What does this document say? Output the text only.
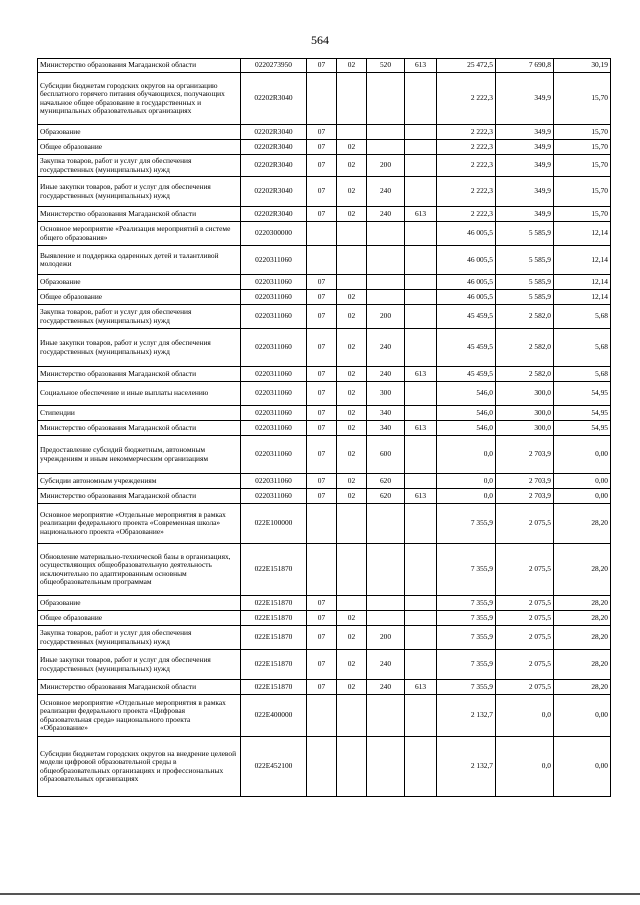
564
Министерство образования Магаданской области	0220273950	07	02	520	613	25 472,5	7 690,8	30,19
Субсидии бюджетам городских округов на организацию бесплатного горячего питания обучающихся, получающих начальное общее образование в государственных и муниципальных образовательных организациях	02202R3040					2 222,3	349,9	15,70
Образование	02202R3040	07				2 222,3	349,9	15,70
Общее образование	02202R3040	07	02			2 222,3	349,9	15,70
Закупка товаров, работ и услуг для обеспечения государственных (муниципальных) нужд	02202R3040	07	02	200		2 222,3	349,9	15,70
Иные закупки товаров, работ и услуг для обеспечения государственных (муниципальных) нужд	02202R3040	07	02	240		2 222,3	349,9	15,70
Министерство образования Магаданской области	02202R3040	07	02	240	613	2 222,3	349,9	15,70
Основное мероприятие «Реализация мероприятий в системе общего образования»	0220300000					46 005,5	5 585,9	12,14
Выявление и поддержка одаренных детей и талантливой молодежи	0220311060					46 005,5	5 585,9	12,14
Образование	0220311060	07				46 005,5	5 585,9	12,14
Общее образование	0220311060	07	02			46 005,5	5 585,9	12,14
Закупка товаров, работ и услуг для обеспечения государственных (муниципальных) нужд	0220311060	07	02	200		45 459,5	2 582,0	5,68
Иные закупки товаров, работ и услуг для обеспечения государственных (муниципальных) нужд	0220311060	07	02	240		45 459,5	2 582,0	5,68
Министерство образования Магаданской области	0220311060	07	02	240	613	45 459,5	2 582,0	5,68
Социальное обеспечение и иные выплаты населению	0220311060	07	02	300		546,0	300,0	54,95
Стипендии	0220311060	07	02	340		546,0	300,0	54,95
Министерство образования Магаданской области	0220311060	07	02	340	613	546,0	300,0	54,95
Предоставление субсидий бюджетным, автономным учреждениям и иным некоммерческим организациям	0220311060	07	02	600		0,0	2 703,9	0,00
Субсидии автономным учреждениям	0220311060	07	02	620		0,0	2 703,9	0,00
Министерство образования Магаданской области	0220311060	07	02	620	613	0,0	2 703,9	0,00
Основное мероприятие «Отдельные мероприятия в рамках реализации федерального проекта «Современная школа» национального проекта «Образование»	022E100000					7 355,9	2 075,5	28,20
Обновление материально-технической базы в организациях, осуществляющих общеобразовательную деятельность исключительно по адаптированным основным общеобразовательным программам	022E151870					7 355,9	2 075,5	28,20
Образование	022E151870	07				7 355,9	2 075,5	28,20
Общее образование	022E151870	07	02			7 355,9	2 075,5	28,20
Закупка товаров, работ и услуг для обеспечения государственных (муниципальных) нужд	022E151870	07	02	200		7 355,9	2 075,5	28,20
Иные закупки товаров, работ и услуг для обеспечения государственных (муниципальных) нужд	022E151870	07	02	240		7 355,9	2 075,5	28,20
Министерство образования Магаданской области	022E151870	07	02	240	613	7 355,9	2 075,5	28,20
Основное мероприятие «Отдельные мероприятия в рамках реализации федерального проекта «Цифровая образовательная среда» национального проекта «Образование»	022E400000					2 132,7	0,0	0,00
Субсидии бюджетам городских округов на внедрение целевой модели цифровой образовательной среды в общеобразовательных организациях и профессиональных образовательных организациях	022E452100					2 132,7	0,0	0,00
